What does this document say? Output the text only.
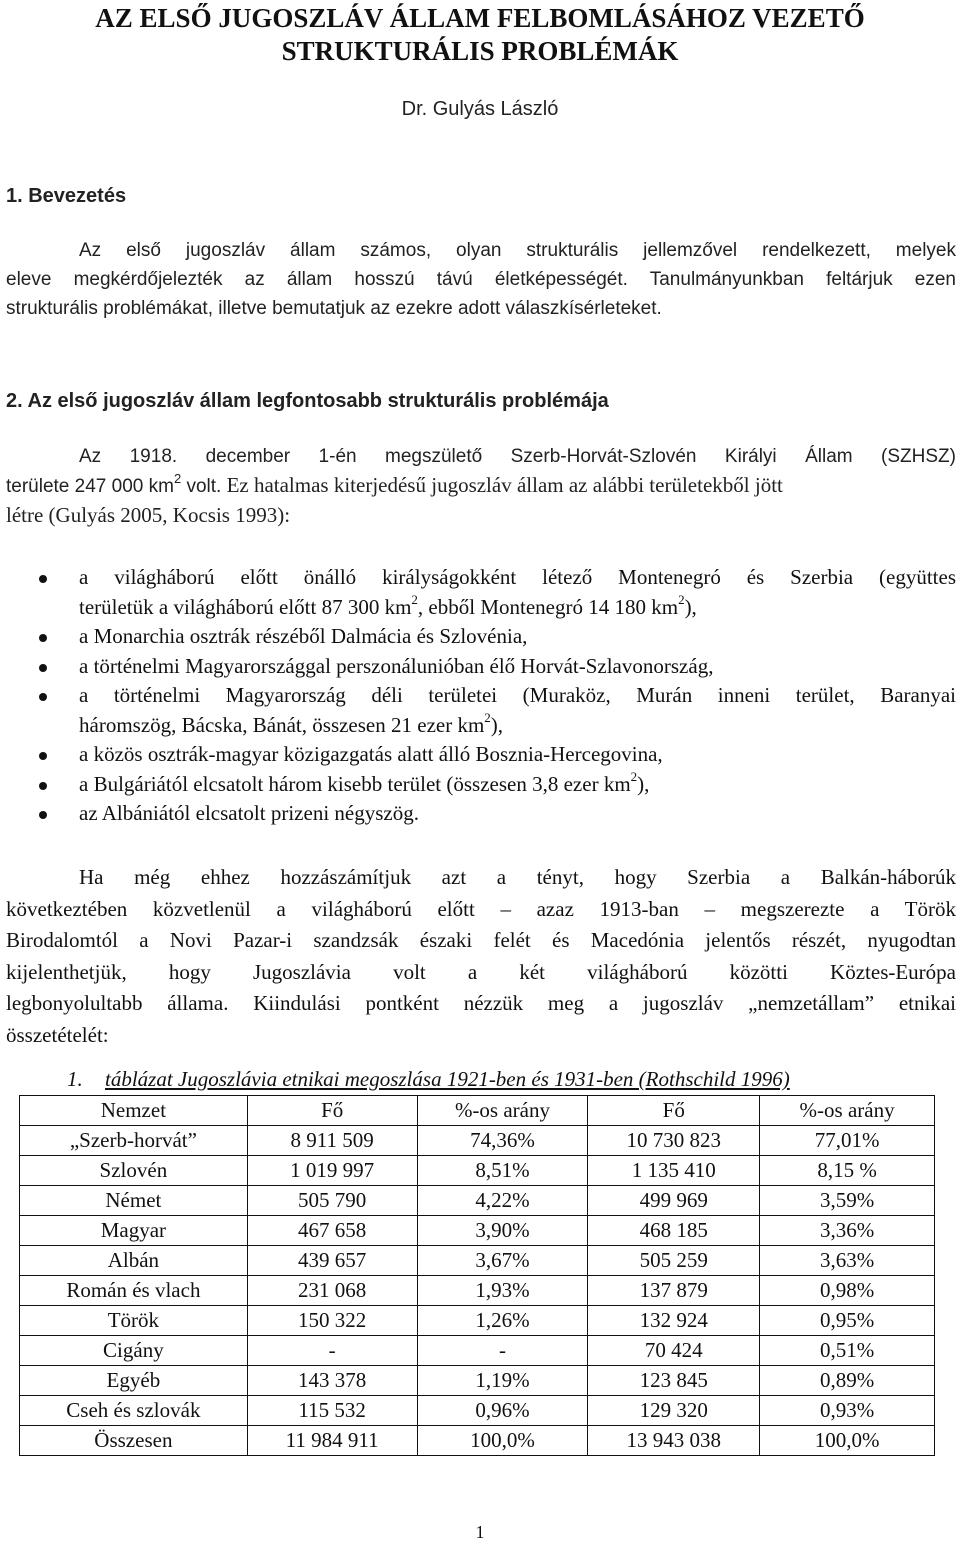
AZ ELSŐ JUGOSZLÁV ÁLLAM FELBOMLÁSÁHOZ VEZETŐ
STRUKTURÁLIS PROBLÉMÁK
Dr. Gulyás László
1. Bevezetés
Az első jugoszláv állam számos, olyan strukturális jellemzővel rendelkezett, melyek
eleve megkérdőjelezték az állam hosszú távú életképességét. Tanulmányunkban feltárjuk ezen
strukturális problémákat, illetve bemutatjuk az ezekre adott válaszkísérleteket.
2. Az első jugoszláv állam legfontosabb strukturális problémája
Az 1918. december 1-én megszülető Szerb-Horvát-Szlovén Királyi Állam (SZHSZ)
területe 247 000 $km^2$ volt. Ez hatalmas kiterjedésű jugoszláv állam az alábbi területekből jött
létre (Gulyás 2005, Kocsis 1993):
a világháború előtt önálló királyságokként létező Montenegró és Szerbia (együttes
területük a világháború előtt 87 300 $km^2$, ebből Montenegró 14 180 $km^2$),
a Monarchia osztrák részéből Dalmácia és Szlovénia,
a történelmi Magyarországgal perszonálunióban élő Horvát-Szlavonország,
a történelmi Magyarország déli területei (Muraköz, Murán inneni terület, Baranyai
háromszög, Bácska, Bánát, összesen 21 ezer $km^2$),
a közös osztrák-magyar közigazgatás alatt álló Bosznia-Hercegovina,
a Bulgáriától elcsatolt három kisebb terület (összesen 3,8 ezer $km^2$),
az Albániától elcsatolt prizeni négyszög.
Ha még ehhez hozzászámítjuk azt a tényt, hogy Szerbia a Balkán-háborúk
következtében közvetlenül a világháború előtt – azaz 1913-ban – megszerezte a Török
Birodalomtól a Novi Pazar-i szandzsák északi felét és Macedónia jelentős részét, nyugodtan
kijelenthetjük, hogy Jugoszlávia volt a két világháború közötti Köztes-Európa
legbonyolultabb állama. Kiindulási pontként nézzük meg a jugoszláv „nemzetállam” etnikai
összetételét:
1. táblázat Jugoszlávia etnikai megoszlása 1921-ben és 1931-ben (Rothschild 1996)
Nemzet	Fő	%-os arány	Fő	%-os arány
„Szerb-horvát”	8 911 509	74,36%	10 730 823	77,01%
Szlovén	1 019 997	8,51%	1 135 410	8,15 %
Német	505 790	4,22%	499 969	3,59%
Magyar	467 658	3,90%	468 185	3,36%
Albán	439 657	3,67%	505 259	3,63%
Román és vlach	231 068	1,93%	137 879	0,98%
Török	150 322	1,26%	132 924	0,95%
Cigány	-	-	70 424	0,51%
Egyéb	143 378	1,19%	123 845	0,89%
Cseh és szlovák	115 532	0,96%	129 320	0,93%
Összesen	11 984 911	100,0%	13 943 038	100,0%
1
